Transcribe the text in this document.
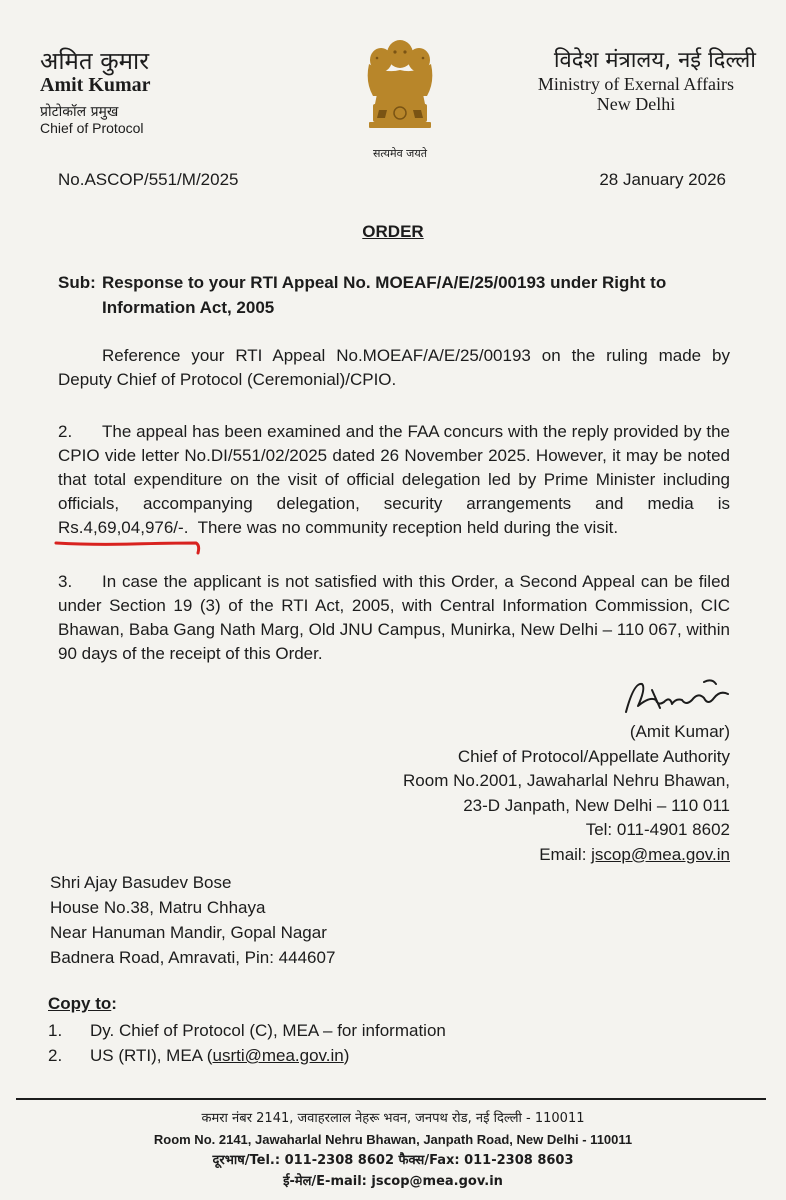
अमित कुमार
Amit Kumar
प्रोटोकॉल प्रमुख
Chief of Protocol
सत्यमेव जयते
विदेश मंत्रालय, नई दिल्ली
Ministry of Exernal Affairs
New Delhi
No.ASCOP/551/M/2025	28 January 2026
ORDER
Sub: Response to your RTI Appeal No. MOEAF/A/E/25/00193 under Right to Information Act, 2005
Reference your RTI Appeal No.MOEAF/A/E/25/00193 on the ruling made by Deputy Chief of Protocol (Ceremonial)/CPIO.
2. The appeal has been examined and the FAA concurs with the reply provided by the CPIO vide letter No.DI/551/02/2025 dated 26 November 2025. However, it may be noted that total expenditure on the visit of official delegation led by Prime Minister including officials, accompanying delegation, security arrangements and media is Rs.4,69,04,976/-. There was no community reception held during the visit.
3. In case the applicant is not satisfied with this Order, a Second Appeal can be filed under Section 19 (3) of the RTI Act, 2005, with Central Information Commission, CIC Bhawan, Baba Gang Nath Marg, Old JNU Campus, Munirka, New Delhi – 110 067, within 90 days of the receipt of this Order.
(Amit Kumar)
Chief of Protocol/Appellate Authority
Room No.2001, Jawaharlal Nehru Bhawan,
23-D Janpath, New Delhi – 110 011
Tel: 011-4901 8602
Email: jscop@mea.gov.in
Shri Ajay Basudev Bose
House No.38, Matru Chhaya
Near Hanuman Mandir, Gopal Nagar
Badnera Road, Amravati, Pin: 444607
Copy to:
1. Dy. Chief of Protocol (C), MEA – for information
2. US (RTI), MEA (usrti@mea.gov.in)
कमरा नंबर 2141, जवाहरलाल नेहरू भवन, जनपथ रोड, नई दिल्ली - 110011
Room No. 2141, Jawaharlal Nehru Bhawan, Janpath Road, New Delhi - 110011
दूरभाष/Tel.: 011-2308 8602 फैक्स/Fax: 011-2308 8603
ई-मेल/E-mail: jscop@mea.gov.in
